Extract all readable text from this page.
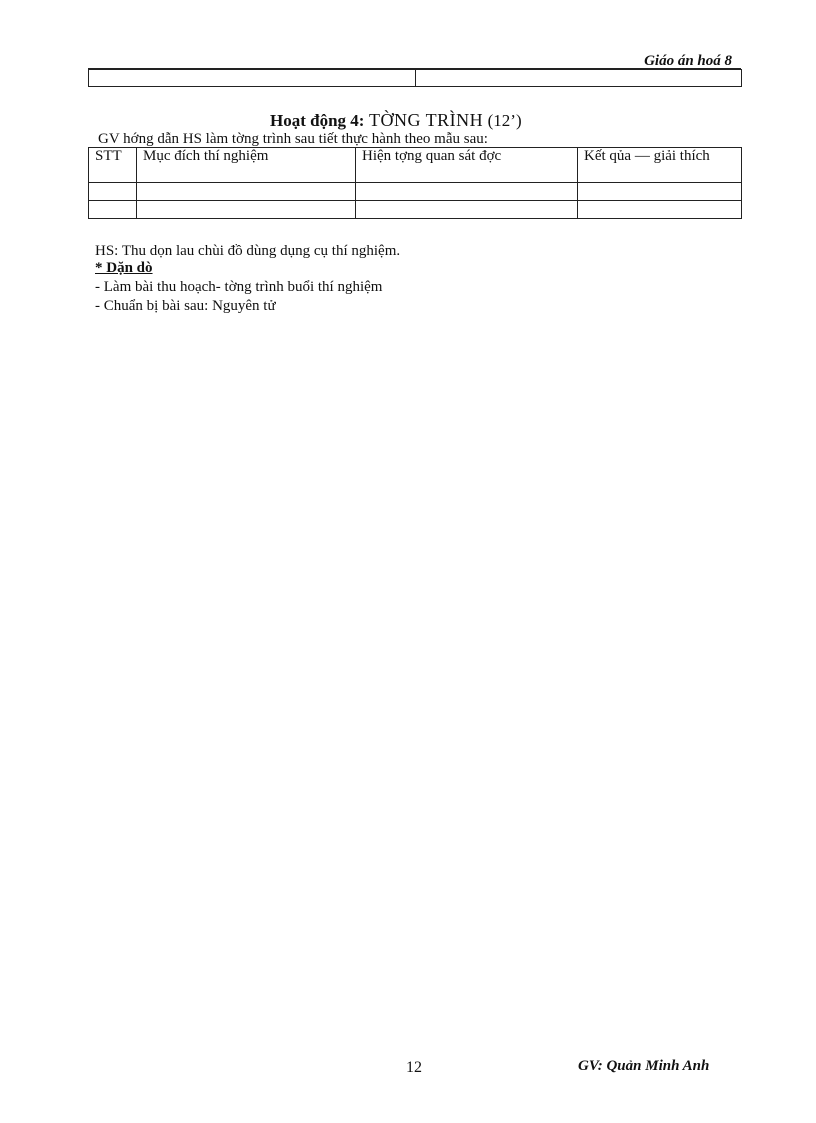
Giáo án hoá 8

Hoạt động 4: TỜNG TRÌNH (12’)
GV hớng dẫn HS làm tờng trình sau tiết thực hành theo mẫu sau:
STT	Mục đích thí nghiệm	Hiện tợng quan sát đợc	Kết qủa — giải thích

HS: Thu dọn lau chùi đồ dùng dụng cụ thí nghiệm.
* Dặn dò
- Làm bài thu hoạch- tờng trình buổi thí nghiệm
- Chuẩn bị bài sau: Nguyên tử
12	GV: Quản Minh Anh
